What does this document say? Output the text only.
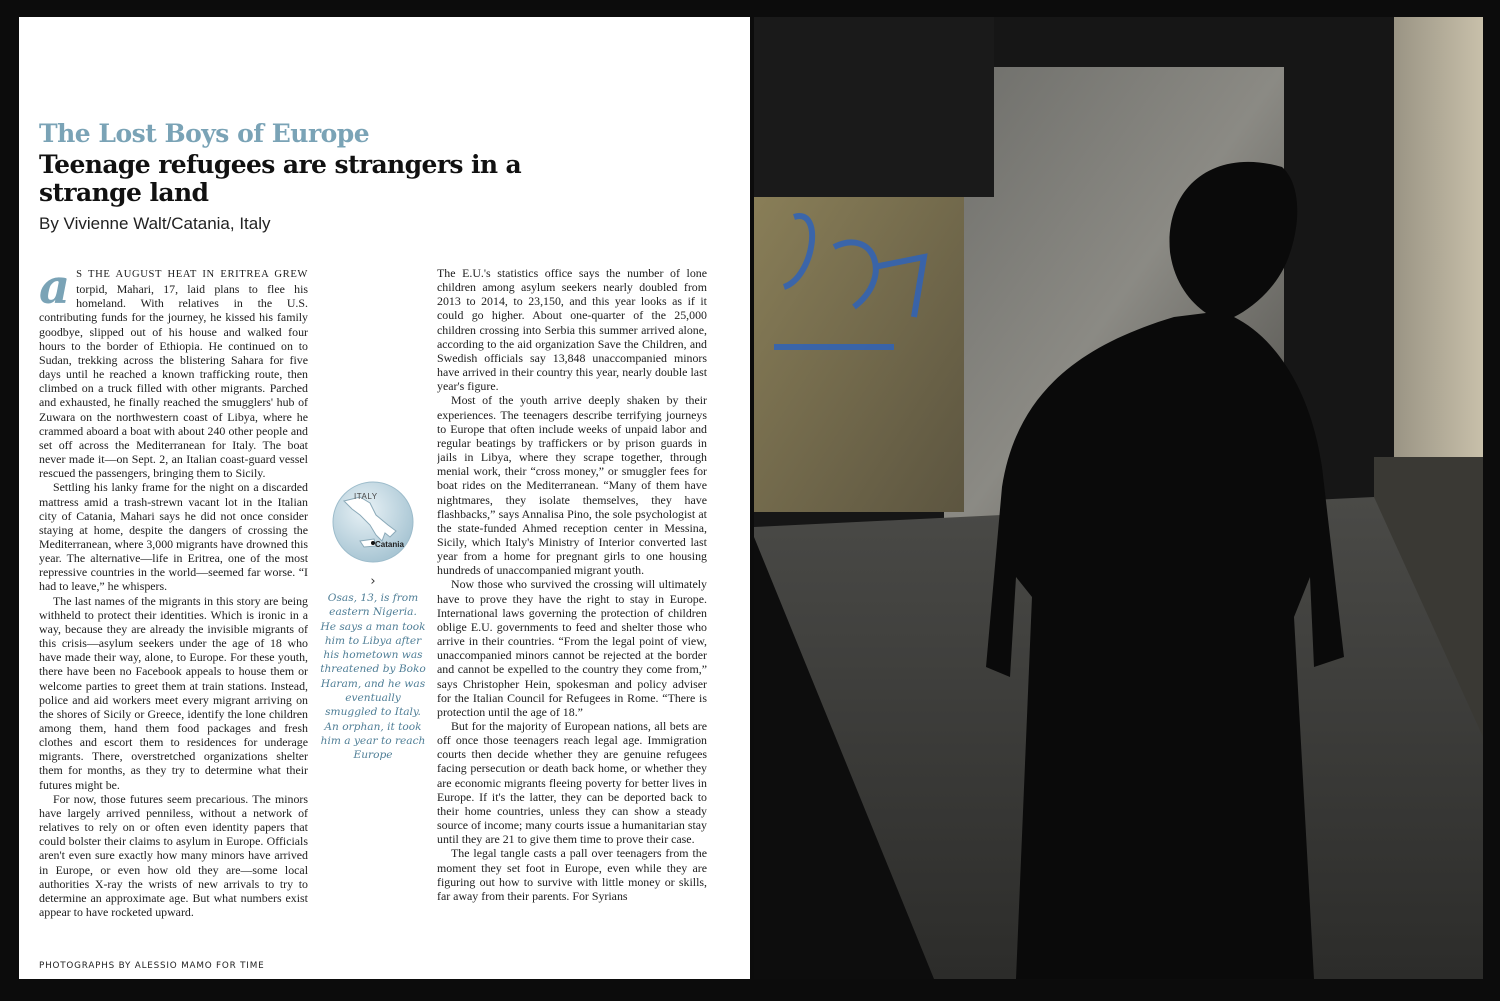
The Lost Boys of Europe
Teenage refugees are strangers in a strange land
By Vivienne Walt/Catania, Italy

a S THE AUGUST HEAT IN ERITREA GREW torpid, Mahari, 17, laid plans to flee his homeland. With relatives in the U.S. contributing funds for the journey, he kissed his family goodbye, slipped out of his house and walked four hours to the border of Ethiopia. He continued on to Sudan, trekking across the blistering Sahara for five days until he reached a known trafficking route, then climbed on a truck filled with other migrants. Parched and exhausted, he finally reached the smugglers' hub of Zuwara on the northwestern coast of Libya, where he crammed aboard a boat with about 240 other people and set off across the Mediterranean for Italy. The boat never made it—on Sept. 2, an Italian coast-guard vessel rescued the passengers, bringing them to Sicily.

Settling his lanky frame for the night on a discarded mattress amid a trash-strewn vacant lot in the Italian city of Catania, Mahari says he did not once consider staying at home, despite the dangers of crossing the Mediterranean, where 3,000 migrants have drowned this year. The alternative—life in Eritrea, one of the most repressive countries in the world—seemed far worse. “I had to leave,” he whispers.

The last names of the migrants in this story are being withheld to protect their identities. Which is ironic in a way, because they are already the invisible migrants of this crisis—asylum seekers under the age of 18 who have made their way, alone, to Europe. For these youth, there have been no Facebook appeals to house them or welcome parties to greet them at train stations. Instead, police and aid workers meet every migrant arriving on the shores of Sicily or Greece, identify the lone children among them, hand them food packages and fresh clothes and escort them to residences for underage migrants. There, overstretched organizations shelter them for months, as they try to determine what their futures might be.

For now, those futures seem precarious. The minors have largely arrived penniless, without a network of relatives to rely on or often even identity papers that could bolster their claims to asylum in Europe. Officials aren't even sure exactly how many minors have arrived in Europe, or even how old they are—some local authorities X-ray the wrists of new arrivals to try to determine an approximate age. But what numbers exist appear to have rocketed upward.

ITALY
Catania
›
Osas, 13, is from eastern Nigeria. He says a man took him to Libya after his hometown was threatened by Boko Haram, and he was eventually smuggled to Italy. An orphan, it took him a year to reach Europe

The E.U.'s statistics office says the number of lone children among asylum seekers nearly doubled from 2013 to 2014, to 23,150, and this year looks as if it could go higher. About one-quarter of the 25,000 children crossing into Serbia this summer arrived alone, according to the aid organization Save the Children, and Swedish officials say 13,848 unaccompanied minors have arrived in their country this year, nearly double last year's figure.

Most of the youth arrive deeply shaken by their experiences. The teenagers describe terrifying journeys to Europe that often include weeks of unpaid labor and regular beatings by traffickers or by prison guards in jails in Libya, where they scrape together, through menial work, their “cross money,” or smuggler fees for boat rides on the Mediterranean. “Many of them have nightmares, they isolate themselves, they have flashbacks,” says Annalisa Pino, the sole psychologist at the state-funded Ahmed reception center in Messina, Sicily, which Italy's Ministry of Interior converted last year from a home for pregnant girls to one housing hundreds of unaccompanied migrant youth.

Now those who survived the crossing will ultimately have to prove they have the right to stay in Europe. International laws governing the protection of children oblige E.U. governments to feed and shelter those who arrive in their countries. “From the legal point of view, unaccompanied minors cannot be rejected at the border and cannot be expelled to the country they come from,” says Christopher Hein, spokesman and policy adviser for the Italian Council for Refugees in Rome. “There is protection until the age of 18.”

But for the majority of European nations, all bets are off once those teenagers reach legal age. Immigration courts then decide whether they are genuine refugees facing persecution or death back home, or whether they are economic migrants fleeing poverty for better lives in Europe. If it's the latter, they can be deported back to their home countries, unless they can show a steady source of income; many courts issue a humanitarian stay until they are 21 to give them time to prove their case.

The legal tangle casts a pall over teenagers from the moment they set foot in Europe, even while they are figuring out how to survive with little money or skills, far away from their parents. For Syrians

PHOTOGRAPHS BY ALESSIO MAMO FOR TIME
